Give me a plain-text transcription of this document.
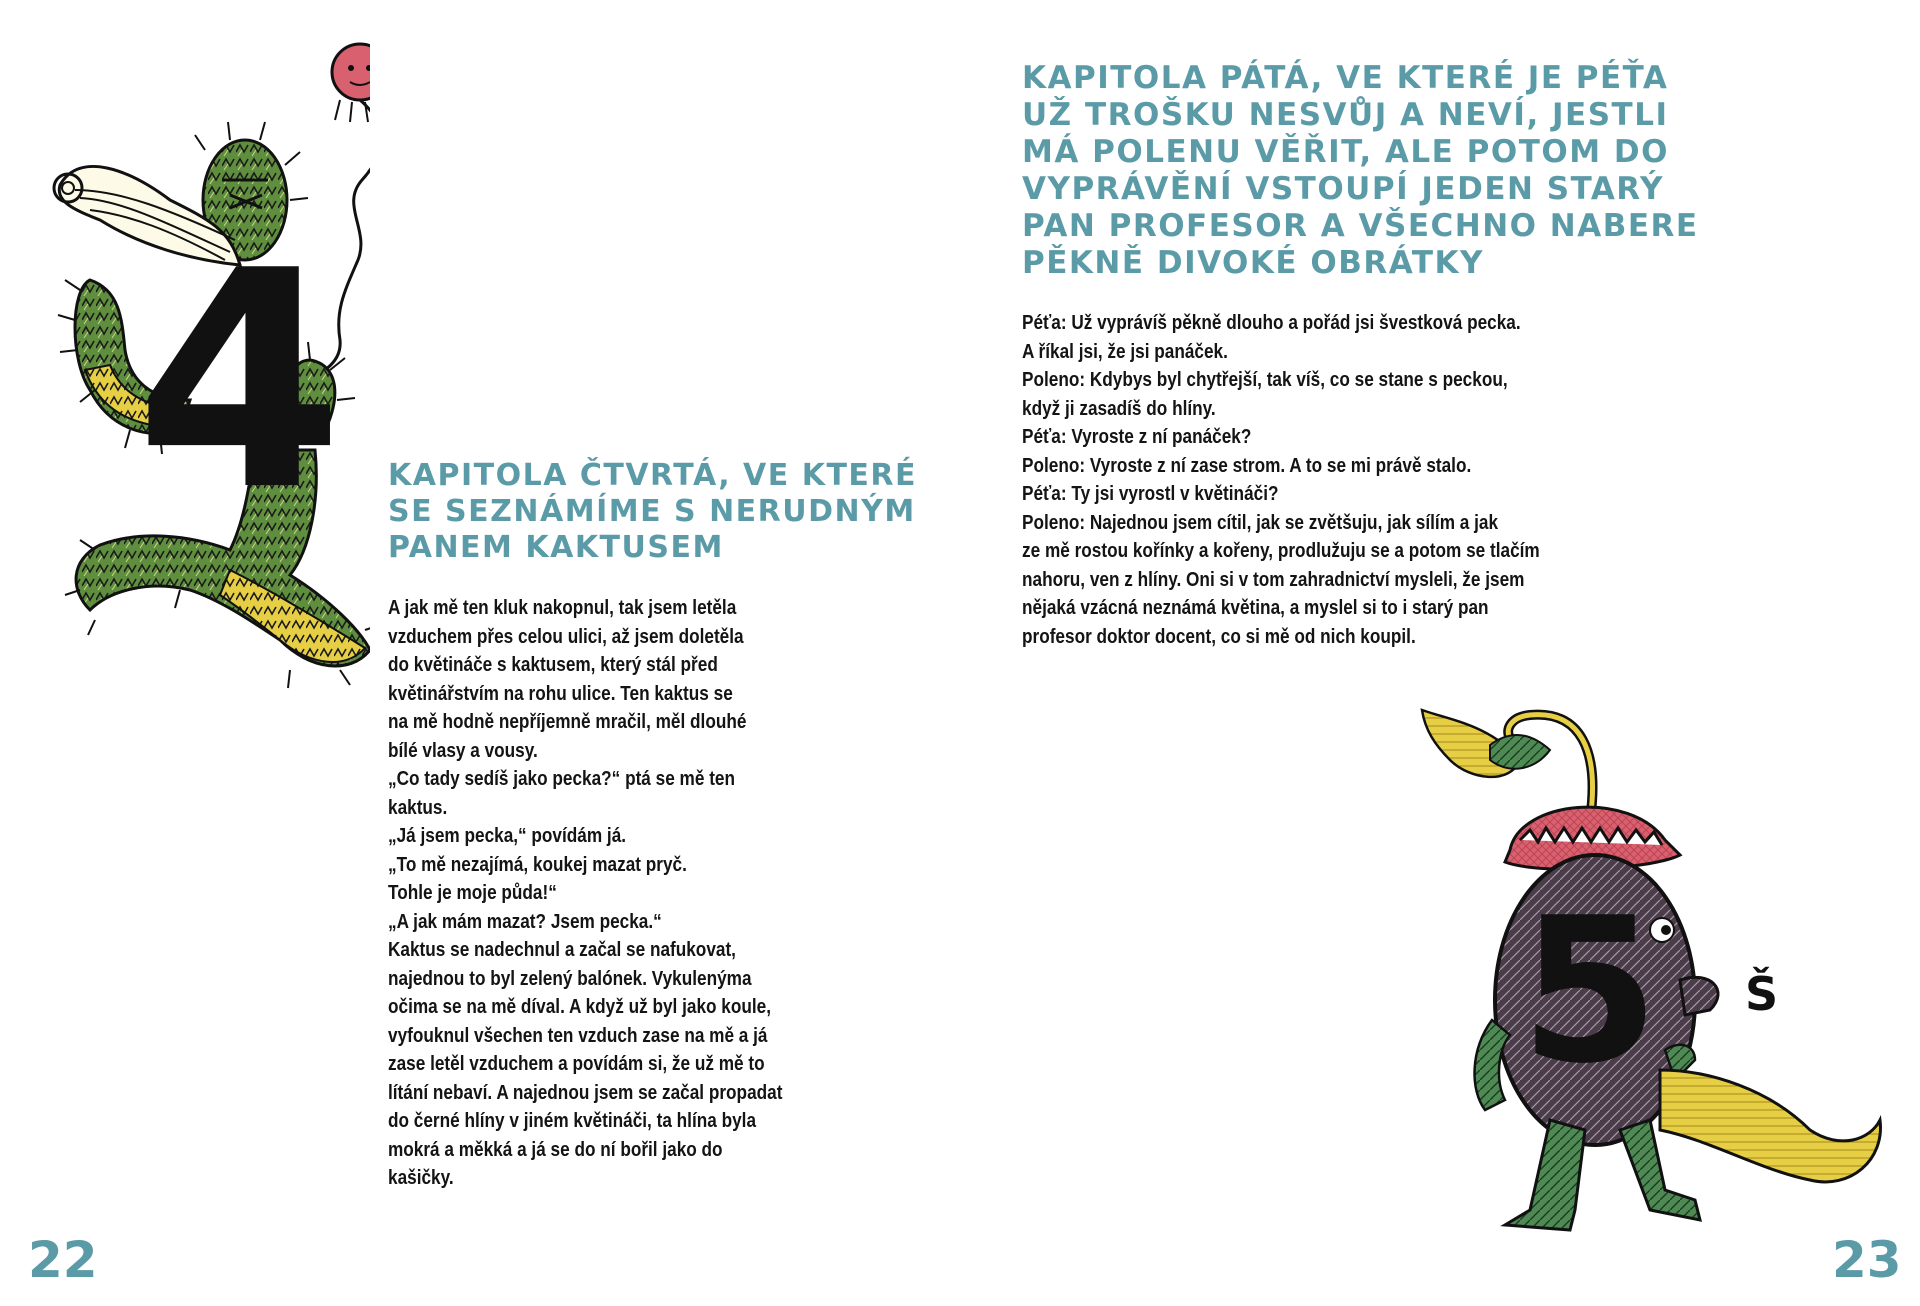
4 KAPITOLA ČTVRTÁ, VE KTERÉ
SE SEZNÁMÍME S NERUDNÝM
PANEM KAKTUSEM
A jak mě ten kluk nakopnul, tak jsem letěla
vzduchem přes celou ulici, až jsem doletěla
do květináče s kaktusem, který stál před
květinářstvím na rohu ulice. Ten kaktus se
na mě hodně nepříjemně mračil, měl dlouhé
bílé vlasy a vousy.
„Co tady sedíš jako pecka?“ ptá se mě ten
kaktus.
„Já jsem pecka,“ povídám já.
„To mě nezajímá, koukej mazat pryč.
Tohle je moje půda!“
„A jak mám mazat? Jsem pecka.“
Kaktus se nadechnul a začal se nafukovat,
najednou to byl zelený balónek. Vykulenýma
očima se na mě díval. A když už byl jako koule,
vyfouknul všechen ten vzduch zase na mě a já
zase letěl vzduchem a povídám si, že už mě to
lítání nebaví. A najednou jsem se začal propadat
do černé hlíny v jiném květináči, ta hlína byla
mokrá a měkká a já se do ní bořil jako do
kašičky.
22
KAPITOLA PÁTÁ, VE KTERÉ JE PÉŤA
UŽ TROŠKU NESVŮJ A NEVÍ, JESTLI
MÁ POLENU VĚŘIT, ALE POTOM DO
VYPRÁVĚNÍ VSTOUPÍ JEDEN STARÝ
PAN PROFESOR A VŠECHNO NABERE
PĚKNĚ DIVOKÉ OBRÁTKY
Péťa: Už vyprávíš pěkně dlouho a pořád jsi švestková pecka.
A říkal jsi, že jsi panáček.
Poleno: Kdybys byl chytřejší, tak víš, co se stane s peckou,
když ji zasadíš do hlíny.
Péťa: Vyroste z ní panáček?
Poleno: Vyroste z ní zase strom. A to se mi právě stalo.
Péťa: Ty jsi vyrostl v květináči?
Poleno: Najednou jsem cítil, jak se zvětšuju, jak sílím a jak
ze mě rostou kořínky a kořeny, prodlužuju se a potom se tlačím
nahoru, ven z hlíny. Oni si v tom zahradnictví mysleli, že jsem
nějaká vzácná neznámá květina, a myslel si to i starý pan
profesor doktor docent, co si mě od nich koupil.
5 Š
23
